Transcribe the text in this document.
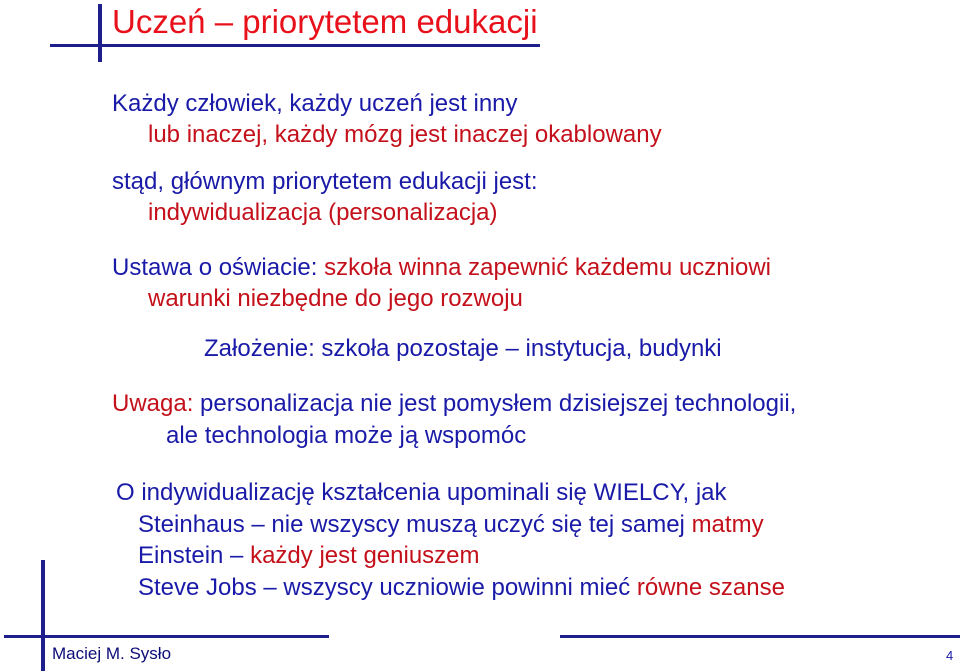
Uczeń – priorytetem edukacji
Każdy człowiek, każdy uczeń jest inny
lub inaczej, każdy mózg jest inaczej okablowany
stąd, głównym priorytetem edukacji jest:
indywidualizacja (personalizacja)
Ustawa o oświacie: szkoła winna zapewnić każdemu uczniowi
warunki niezbędne do jego rozwoju
Założenie: szkoła pozostaje – instytucja, budynki
Uwaga: personalizacja nie jest pomysłem dzisiejszej technologii,
ale technologia może ją wspomóc
O indywidualizację kształcenia upominali się WIELCY, jak
Steinhaus – nie wszyscy muszą uczyć się tej samej matmy
Einstein – każdy jest geniuszem
Steve Jobs – wszyscy uczniowie powinni mieć równe szanse
Maciej M. Sysło	4
